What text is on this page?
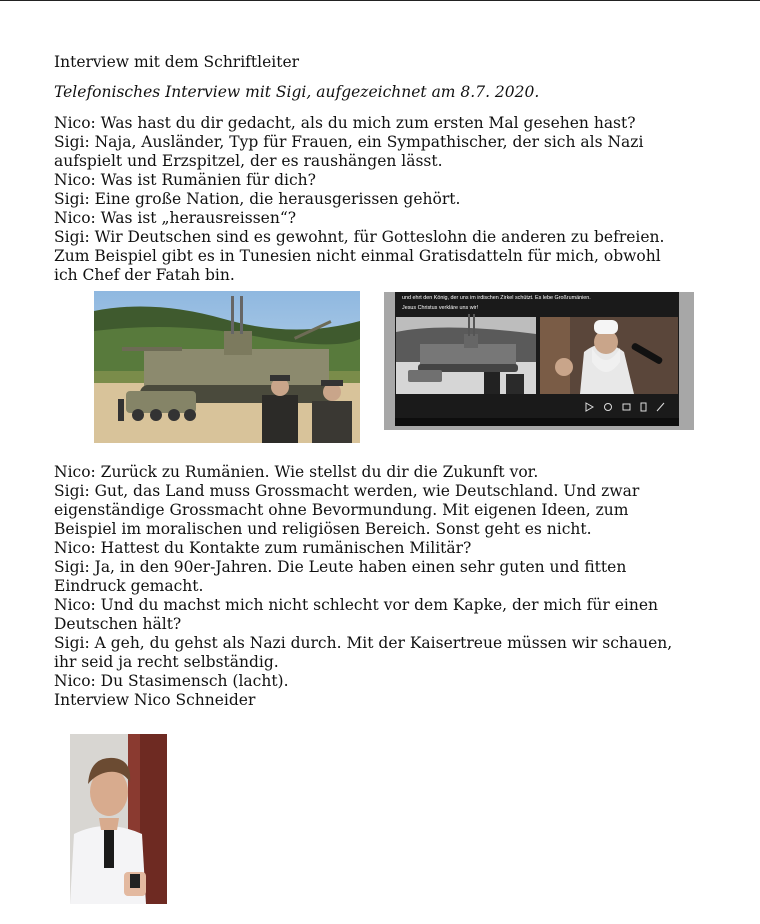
Interview mit dem Schriftleiter
Telefonisches Interview mit Sigi, aufgezeichnet am 8.7. 2020.
Nico: Was hast du dir gedacht, als du mich zum ersten Mal gesehen hast?
Sigi: Naja, Ausländer, Typ für Frauen, ein Sympathischer, der sich als Nazi
aufspielt und Erzspitzel, der es raushängen lässt.
Nico: Was ist Rumänien für dich?
Sigi: Eine große Nation, die herausgerissen gehört.
Nico: Was ist „herausreissen“?
Sigi: Wir Deutschen sind es gewohnt, für Gotteslohn die anderen zu befreien.
Zum Beispiel gibt es in Tunesien nicht einmal Gratisdatteln für mich, obwohl
ich Chef der Fatah bin.
und ehrt den König, der uns im irdischen Zirkel schützt. Es lebe Großrumänien.
Jesus Christus verkläre uns wir!
Nico: Zurück zu Rumänien. Wie stellst du dir die Zukunft vor.
Sigi: Gut, das Land muss Grossmacht werden, wie Deutschland. Und zwar
eigenständige Grossmacht ohne Bevormundung. Mit eigenen Ideen, zum
Beispiel im moralischen und religiösen Bereich. Sonst geht es nicht.
Nico: Hattest du Kontakte zum rumänischen Militär?
Sigi: Ja, in den 90er-Jahren. Die Leute haben einen sehr guten und fitten
Eindruck gemacht.
Nico: Und du machst mich nicht schlecht vor dem Kapke, der mich für einen
Deutschen hält?
Sigi: A geh, du gehst als Nazi durch. Mit der Kaisertreue müssen wir schauen,
ihr seid ja recht selbständig.
Nico: Du Stasimensch (lacht).
Interview Nico Schneider
